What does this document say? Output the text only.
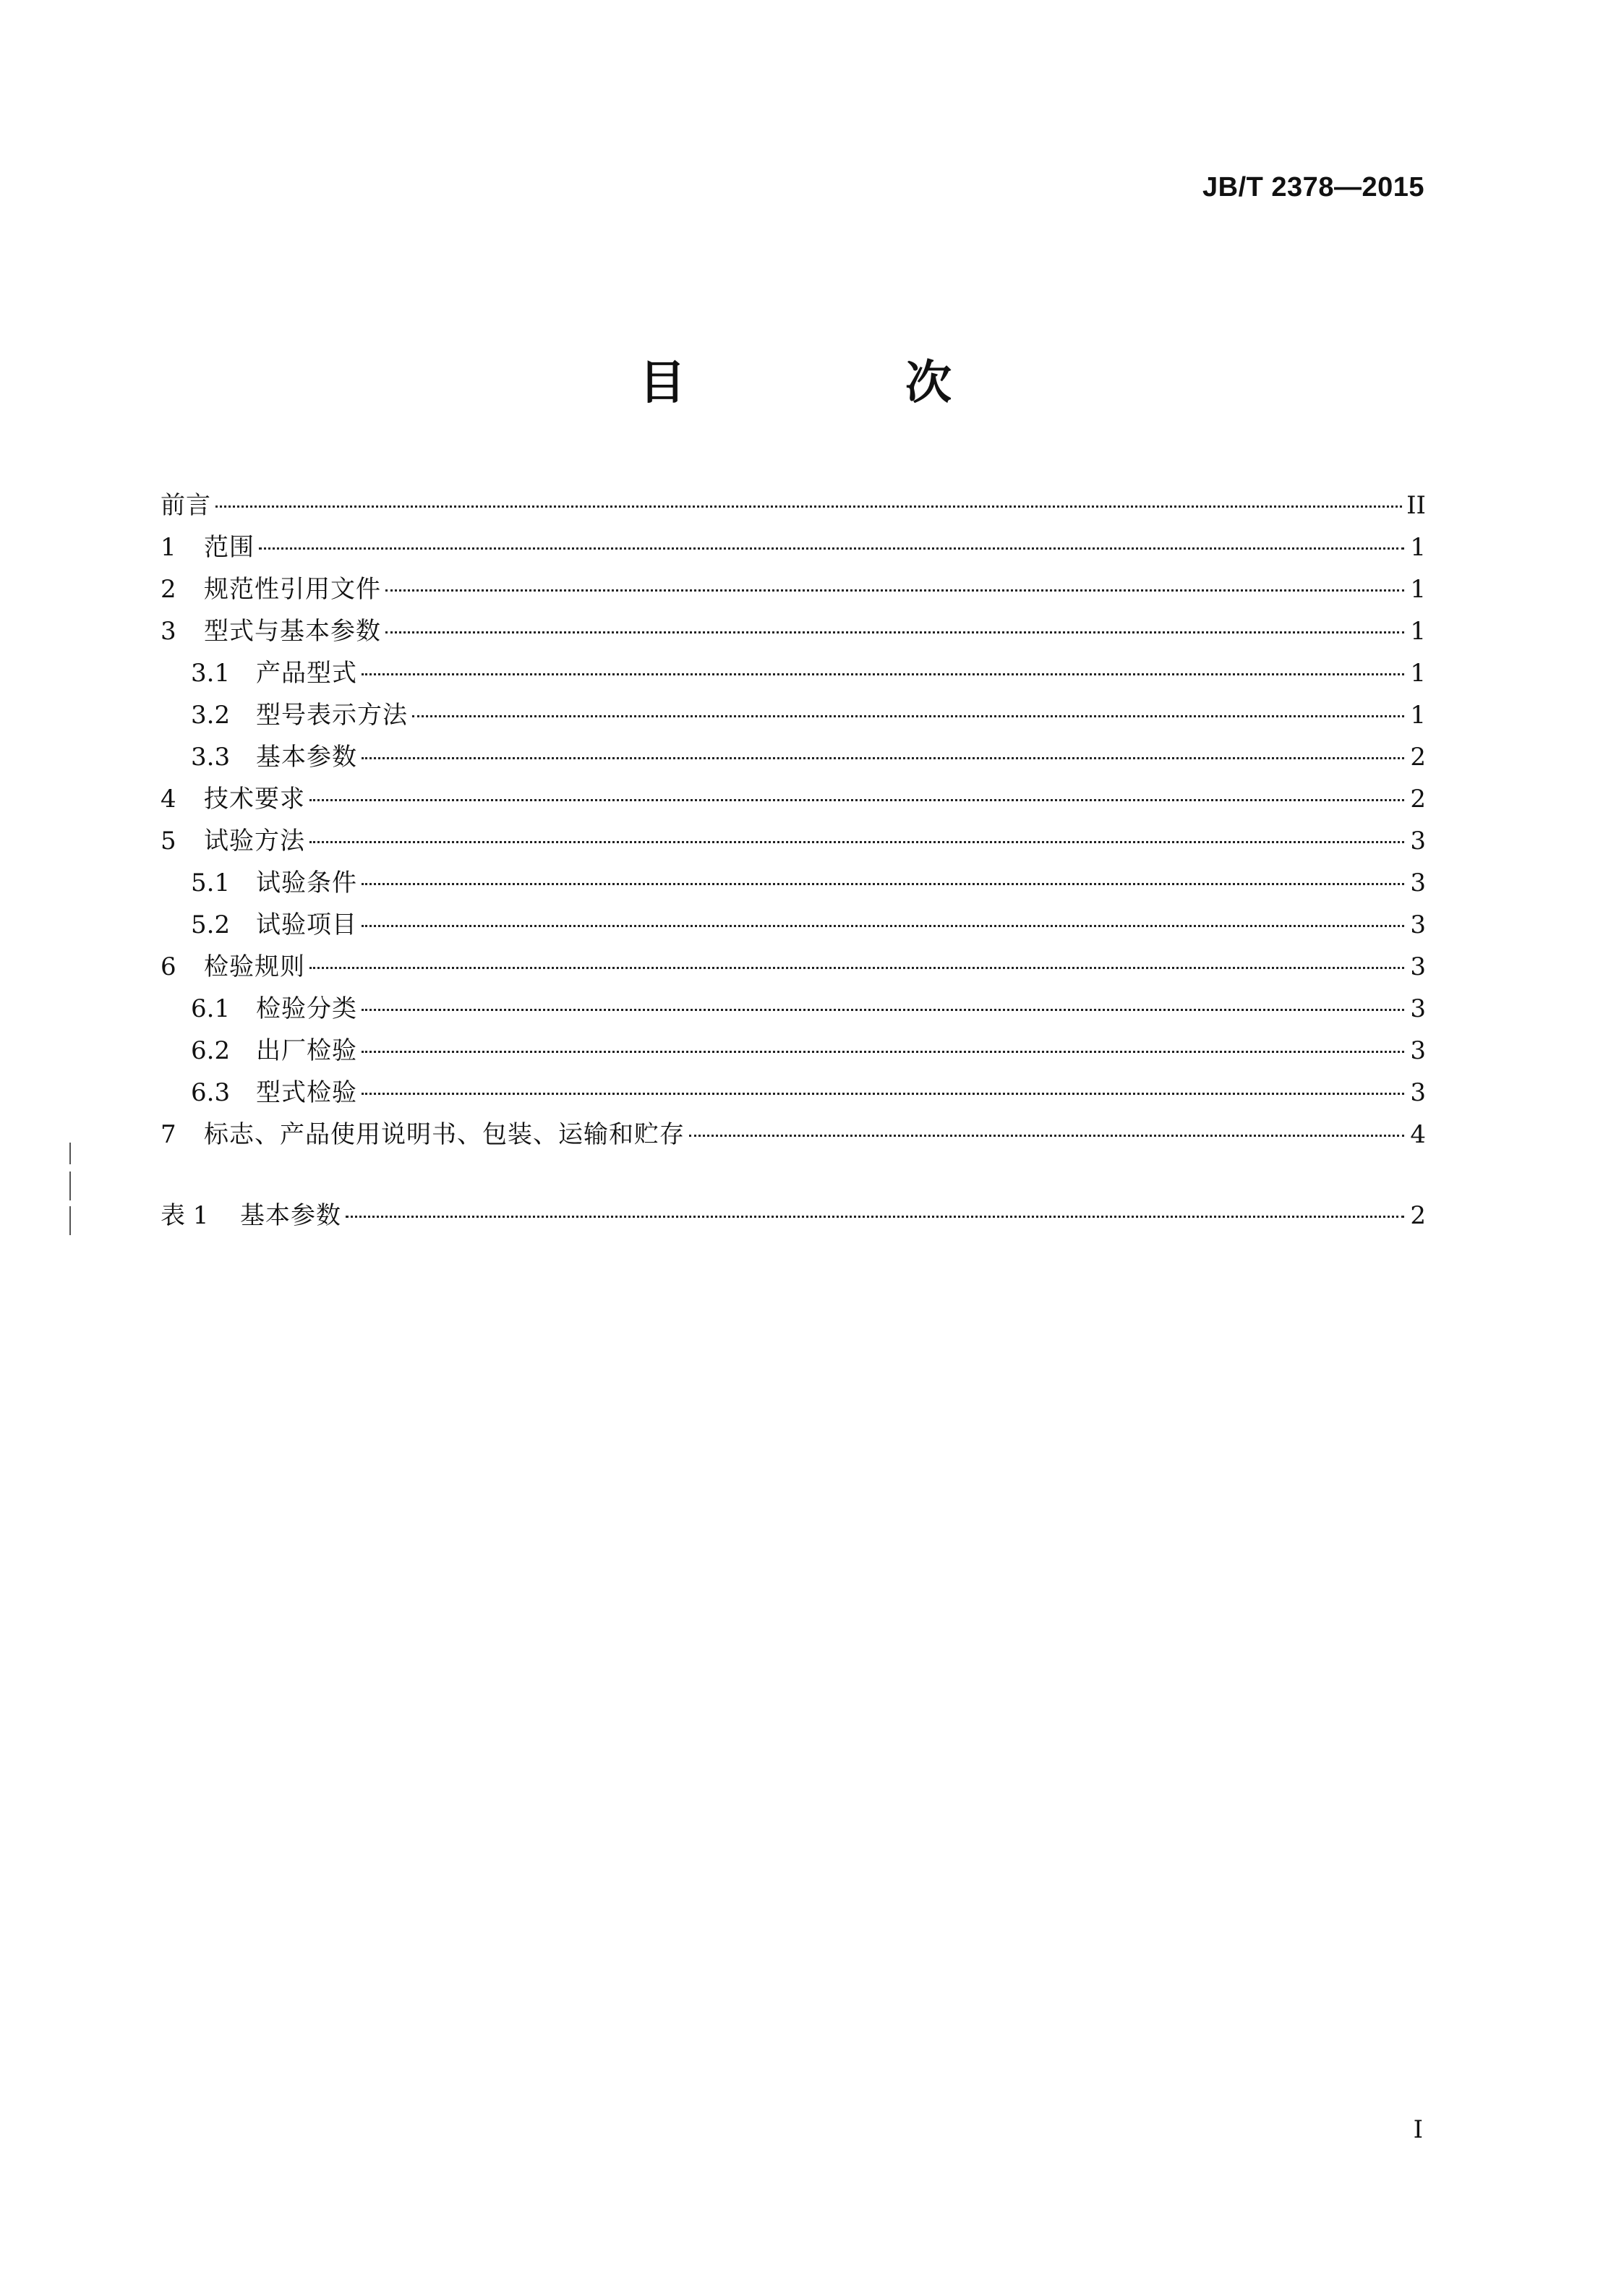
JB/T 2378—2015
目　次
前言	II
1	范围	1
2	规范性引用文件	1
3	型式与基本参数	1
3.1	产品型式	1
3.2	型号表示方法	1
3.3	基本参数	2
4	技术要求	2
5	试验方法	3
5.1	试验条件	3
5.2	试验项目	3
6	检验规则	3
6.1	检验分类	3
6.2	出厂检验	3
6.3	型式检验	3
7	标志、产品使用说明书、包装、运输和贮存	4
表 1	基本参数	2
I
